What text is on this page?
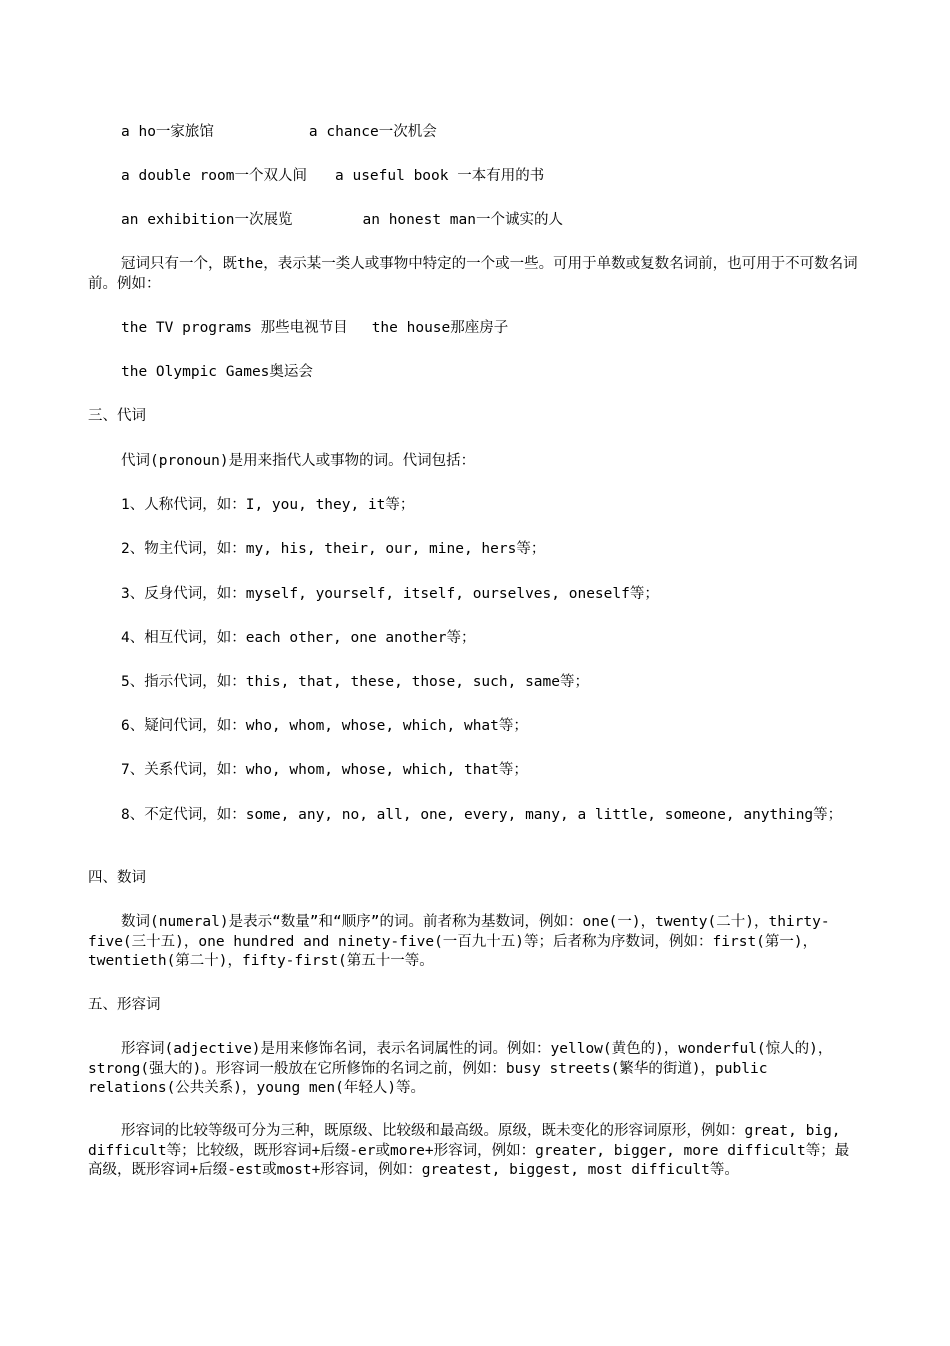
a ho一家旅馆	a chance一次机会
a double room一个双人间 a useful book 一本有用的书
an exhibition一次展览	an honest man一个诚实的人
冠词只有一个，既the，表示某一类人或事物中特定的一个或一些。可用于单数或复数名词前，也可用于不可数名词前。例如：
the TV programs 那些电视节目 the house那座房子
the Olympic Games奥运会
三、代词
代词(pronoun)是用来指代人或事物的词。代词包括：
1、人称代词，如：I, you, they, it等；
2、物主代词，如：my, his, their, our, mine, hers等；
3、反身代词，如：myself, yourself, itself, ourselves, oneself等；
4、相互代词，如：each other, one another等；
5、指示代词，如：this, that, these, those, such, same等；
6、疑问代词，如：who, whom, whose, which, what等；
7、关系代词，如：who, whom, whose, which, that等；
8、不定代词，如：some, any, no, all, one, every, many, a little, someone, anything等；
四、数词
数词(numeral)是表示“数量”和“顺序”的词。前者称为基数词，例如：one(一)，twenty(二十)，thirty-five(三十五)，one hundred and ninety-five(一百九十五)等；后者称为序数词，例如：first(第一)，twentieth(第二十)，fifty-first(第五十一等。
五、形容词
形容词(adjective)是用来修饰名词，表示名词属性的词。例如：yellow(黄色的)，wonderful(惊人的)，strong(强大的)。形容词一般放在它所修饰的名词之前，例如：busy streets(繁华的街道)，public relations(公共关系)，young men(年轻人)等。
形容词的比较等级可分为三种，既原级、比较级和最高级。原级，既未变化的形容词原形，例如：great, big, difficult等；比较级，既形容词+后缀-er或more+形容词，例如：greater, bigger, more difficult等；最高级，既形容词+后缀-est或most+形容词，例如：greatest, biggest, most difficult等。
